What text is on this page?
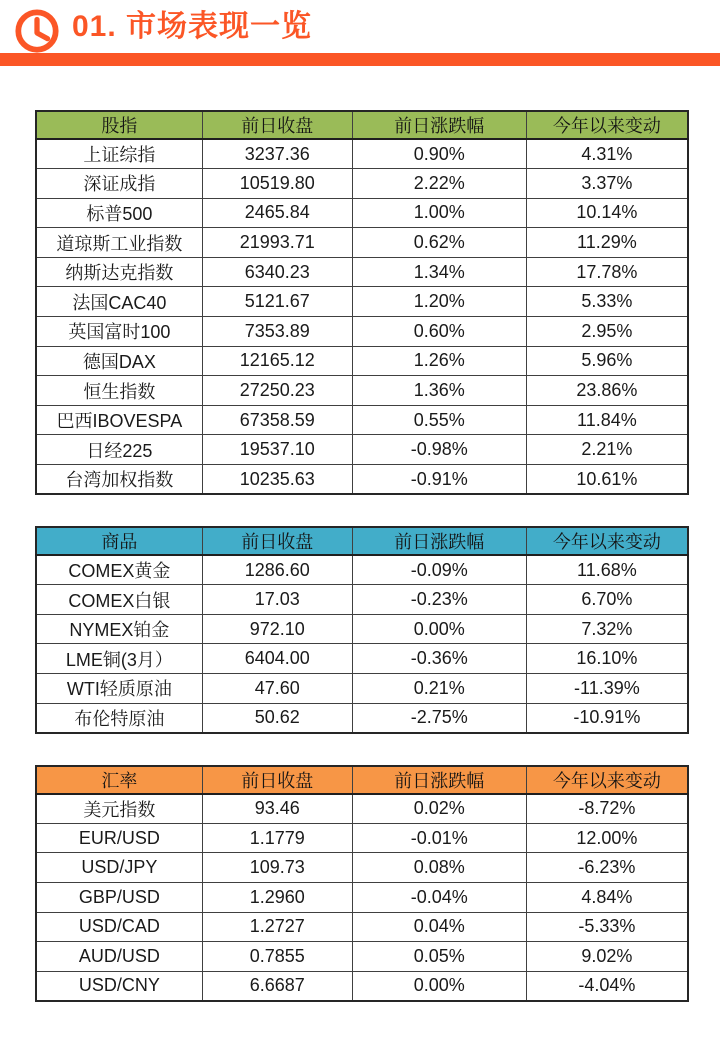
01. 市场表现一览
股指	前日收盘	前日涨跌幅	今年以来变动
上证综指	3237.36	0.90%	4.31%
深证成指	10519.80	2.22%	3.37%
标普500	2465.84	1.00%	10.14%
道琼斯工业指数	21993.71	0.62%	11.29%
纳斯达克指数	6340.23	1.34%	17.78%
法国CAC40	5121.67	1.20%	5.33%
英国富时100	7353.89	0.60%	2.95%
德国DAX	12165.12	1.26%	5.96%
恒生指数	27250.23	1.36%	23.86%
巴西IBOVESPA	67358.59	0.55%	11.84%
日经225	19537.10	-0.98%	2.21%
台湾加权指数	10235.63	-0.91%	10.61%
商品	前日收盘	前日涨跌幅	今年以来变动
COMEX黄金	1286.60	-0.09%	11.68%
COMEX白银	17.03	-0.23%	6.70%
NYMEX铂金	972.10	0.00%	7.32%
LME铜(3月）	6404.00	-0.36%	16.10%
WTI轻质原油	47.60	0.21%	-11.39%
布伦特原油	50.62	-2.75%	-10.91%
汇率	前日收盘	前日涨跌幅	今年以来变动
美元指数	93.46	0.02%	-8.72%
EUR/USD	1.1779	-0.01%	12.00%
USD/JPY	109.73	0.08%	-6.23%
GBP/USD	1.2960	-0.04%	4.84%
USD/CAD	1.2727	0.04%	-5.33%
AUD/USD	0.7855	0.05%	9.02%
USD/CNY	6.6687	0.00%	-4.04%
